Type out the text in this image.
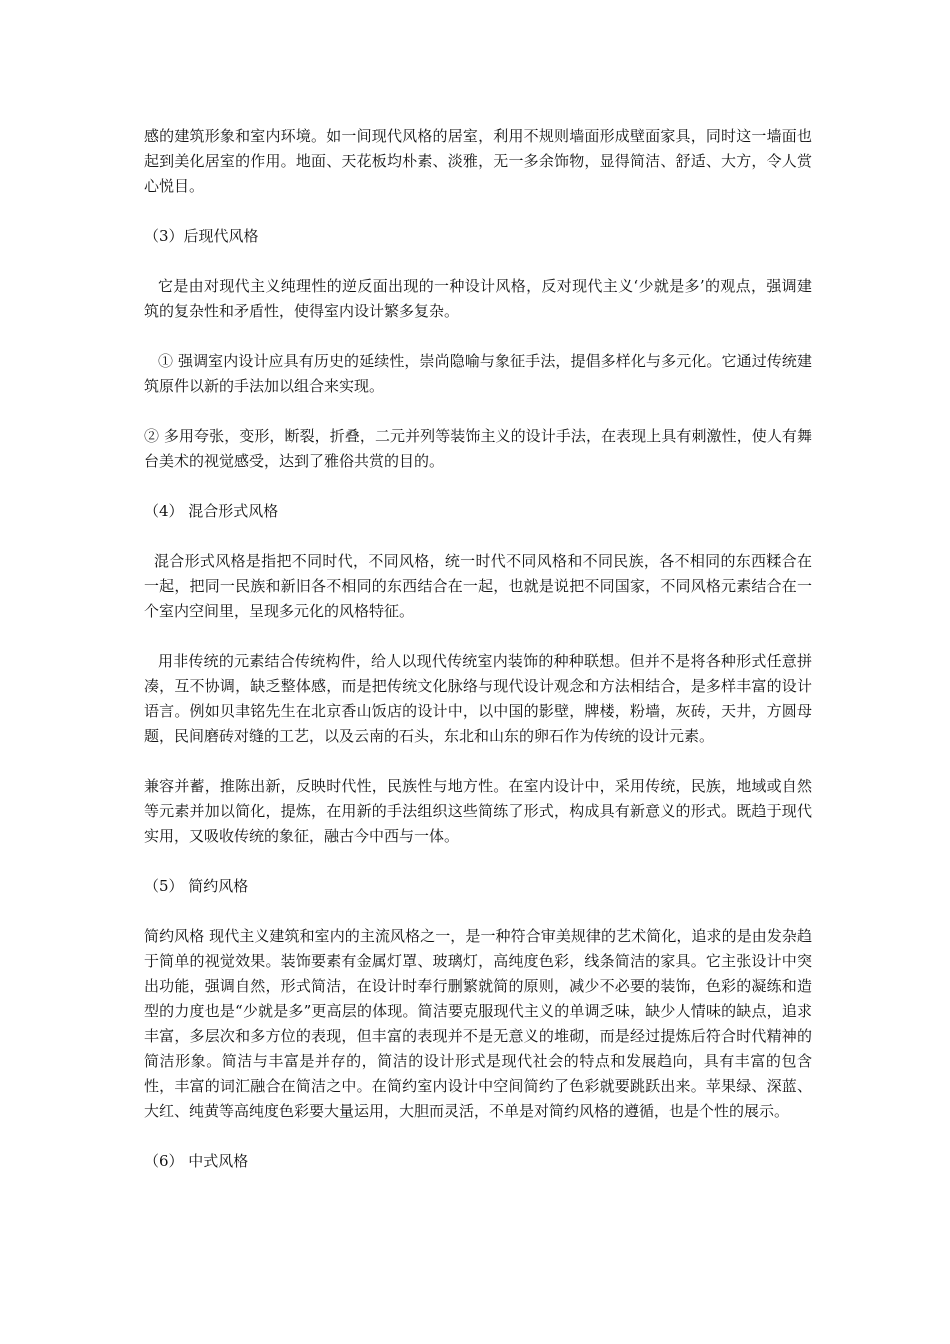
感的建筑形象和室内环境。如一间现代风格的居室，利用不规则墙面形成壁面家具，同时这一墙面也起到美化居室的作用。地面、天花板均朴素、淡雅，无一多余饰物，显得简洁、舒适、大方，令人赏心悦目。

（3）后现代风格

它是由对现代主义纯理性的逆反面出现的一种设计风格，反对现代主义‘少就是多’的观点，强调建筑的复杂性和矛盾性，使得室内设计繁多复杂。

① 强调室内设计应具有历史的延续性，崇尚隐喻与象征手法，提倡多样化与多元化。它通过传统建筑原件以新的手法加以组合来实现。

② 多用夸张，变形，断裂，折叠，二元并列等装饰主义的设计手法，在表现上具有刺激性，使人有舞台美术的视觉感受，达到了雅俗共赏的目的。

（4） 混合形式风格

混合形式风格是指把不同时代，不同风格，统一时代不同风格和不同民族，各不相同的东西糅合在一起，把同一民族和新旧各不相同的东西结合在一起，也就是说把不同国家，不同风格元素结合在一个室内空间里，呈现多元化的风格特征。

用非传统的元素结合传统构件，给人以现代传统室内装饰的种种联想。但并不是将各种形式任意拼凑，互不协调，缺乏整体感，而是把传统文化脉络与现代设计观念和方法相结合，是多样丰富的设计语言。例如贝聿铭先生在北京香山饭店的设计中，以中国的影壁，牌楼，粉墙，灰砖，天井，方圆母题，民间磨砖对缝的工艺，以及云南的石头，东北和山东的卵石作为传统的设计元素。

兼容并蓄，推陈出新，反映时代性，民族性与地方性。在室内设计中，采用传统，民族，地域或自然等元素并加以简化，提炼，在用新的手法组织这些简练了形式，构成具有新意义的形式。既趋于现代实用，又吸收传统的象征，融古今中西与一体。

（5） 简约风格

简约风格 现代主义建筑和室内的主流风格之一，是一种符合审美规律的艺术简化，追求的是由发杂趋于简单的视觉效果。装饰要素有金属灯罩、玻璃灯，高纯度色彩，线条简洁的家具。它主张设计中突出功能，强调自然，形式简洁，在设计时奉行删繁就简的原则，减少不必要的装饰，色彩的凝练和造型的力度也是“少就是多”更高层的体现。简洁要克服现代主义的单调乏味，缺少人情味的缺点，追求丰富，多层次和多方位的表现，但丰富的表现并不是无意义的堆砌，而是经过提炼后符合时代精神的简洁形象。简洁与丰富是并存的，简洁的设计形式是现代社会的特点和发展趋向，具有丰富的包含性，丰富的词汇融合在简洁之中。在简约室内设计中空间简约了色彩就要跳跃出来。苹果绿、深蓝、大红、纯黄等高纯度色彩要大量运用，大胆而灵活，不单是对简约风格的遵循，也是个性的展示。

（6） 中式风格
